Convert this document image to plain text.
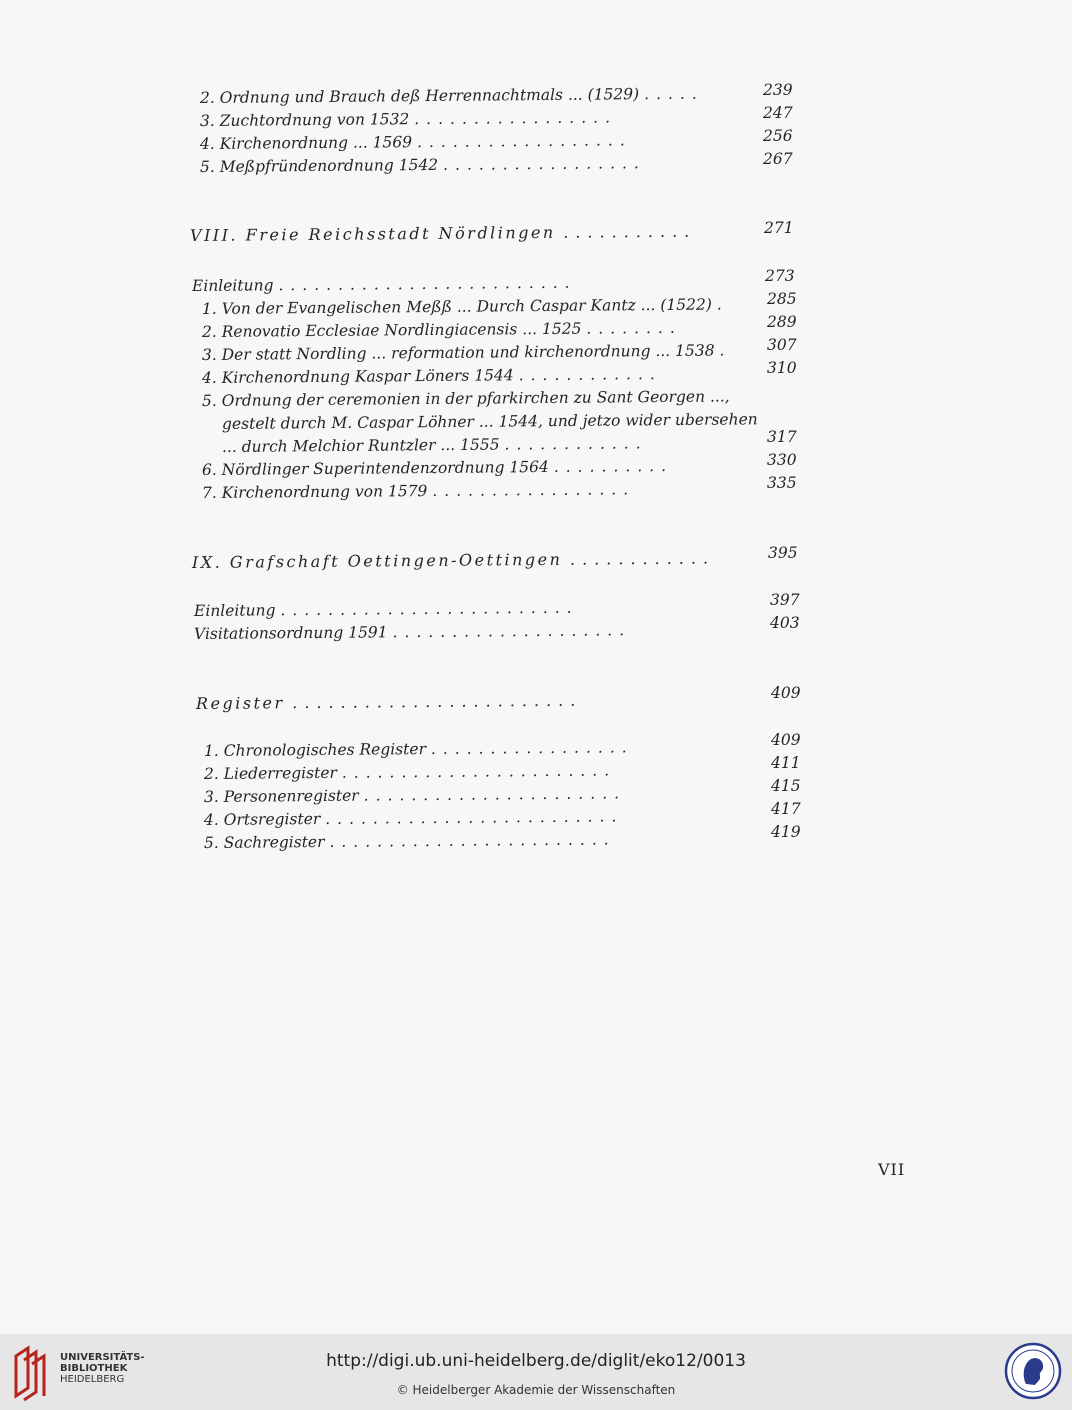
2. Ordnung und Brauch deß Herrennachtmals ... (1529) .....	239
3. Zuchtordnung von 1532 .................	247
4. Kirchenordnung ... 1569 ..................	256
5. Meßpfründenordnung 1542 .................	267
VIII. Freie Reichsstadt Nördlingen ...........	271
Einleitung .........................	273
1. Von der Evangelischen Meßß ... Durch Caspar Kantz ... (1522) . 285
2. Renovatio Ecclesiae Nordlingiacensis ... 1525 ........	289
3. Der statt Nordling ... reformation und kirchenordnung ... 1538 . 307
4. Kirchenordnung Kaspar Löners 1544 ............	310
5. Ordnung der ceremonien in der pfarkirchen zu Sant Georgen ...,
gestelt durch M. Caspar Löhner ... 1544, und jetzo wider ubersehen
... durch Melchior Runtzler ... 1555 ............	317
6. Nördlinger Superintendenzordnung 1564 ..........	330
7. Kirchenordnung von 1579 .................	335
IX. Grafschaft Oettingen-Oettingen ............	395
Einleitung .........................	397
Visitationsordnung 1591 ....................	403
Register ........................	409
1. Chronologisches Register .................	409
2. Liederregister .......................	411
3. Personenregister ......................	415
4. Ortsregister .........................	417
5. Sachregister ........................	419
VII
UNIVERSITÄTS-
BIBLIOTHEK
HEIDELBERG
http://digi.ub.uni-heidelberg.de/diglit/eko12/0013
© Heidelberger Akademie der Wissenschaften
